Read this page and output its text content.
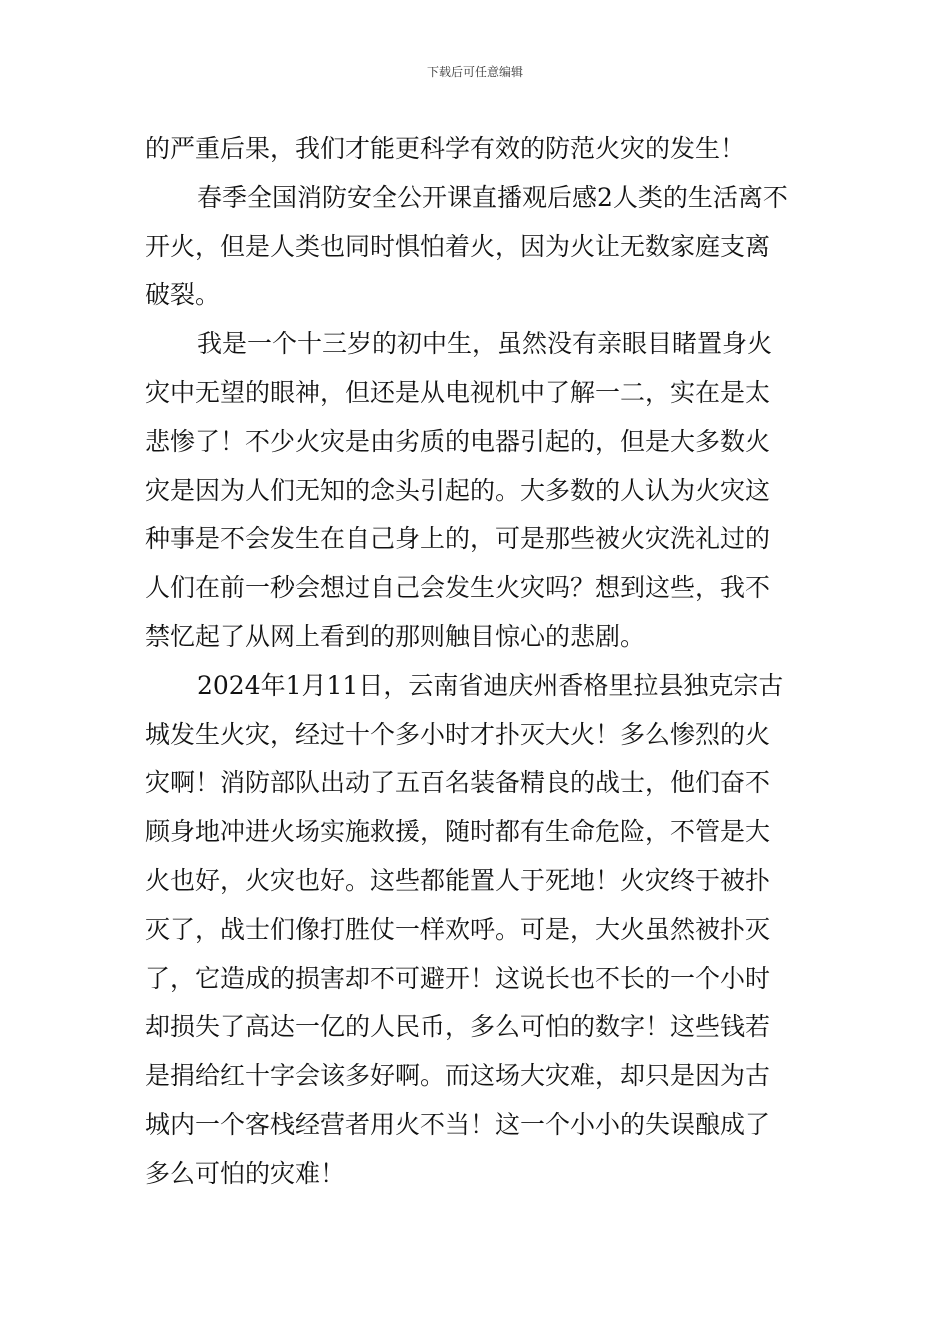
下载后可任意编辑
的严重后果，我们才能更科学有效的防范火灾的发生！
春季全国消防安全公开课直播观后感2人类的生活离不
开火，但是人类也同时惧怕着火，因为火让无数家庭支离
破裂。
我是一个十三岁的初中生，虽然没有亲眼目睹置身火
灾中无望的眼神，但还是从电视机中了解一二，实在是太
悲惨了！不少火灾是由劣质的电器引起的，但是大多数火
灾是因为人们无知的念头引起的。大多数的人认为火灾这
种事是不会发生在自己身上的，可是那些被火灾洗礼过的
人们在前一秒会想过自己会发生火灾吗？想到这些，我不
禁忆起了从网上看到的那则触目惊心的悲剧。
2024年1月11日，云南省迪庆州香格里拉县独克宗古
城发生火灾，经过十个多小时才扑灭大火！多么惨烈的火
灾啊！消防部队出动了五百名装备精良的战士，他们奋不
顾身地冲进火场实施救援，随时都有生命危险，不管是大
火也好，火灾也好。这些都能置人于死地！火灾终于被扑
灭了，战士们像打胜仗一样欢呼。可是，大火虽然被扑灭
了，它造成的损害却不可避开！这说长也不长的一个小时
却损失了高达一亿的人民币，多么可怕的数字！这些钱若
是捐给红十字会该多好啊。而这场大灾难，却只是因为古
城内一个客栈经营者用火不当！这一个小小的失误酿成了
多么可怕的灾难！
